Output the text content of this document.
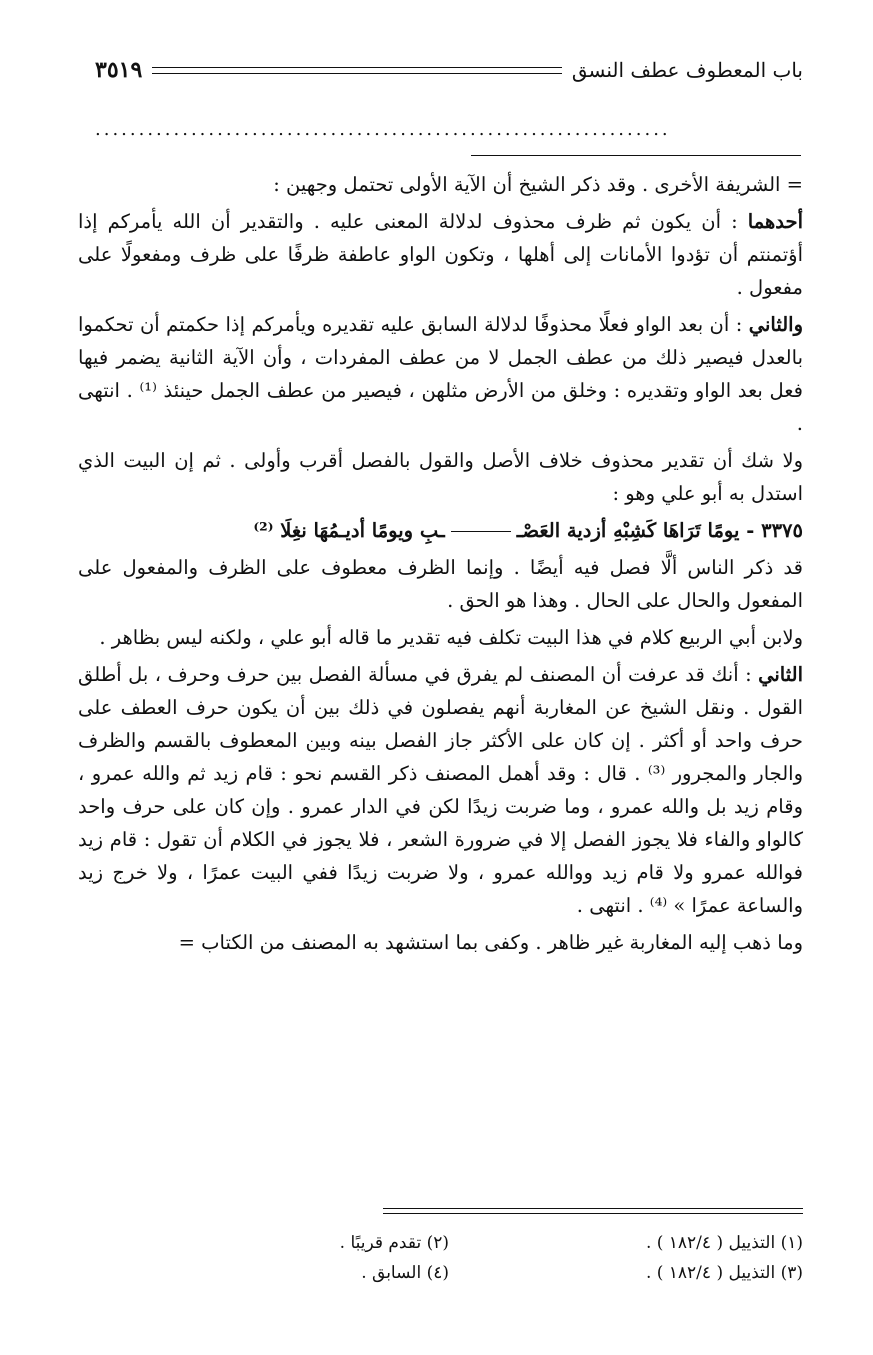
باب المعطوف عطف النسق
٣٥١٩
..................................................................

= الشريفة الأخرى . وقد ذكر الشيخ أن الآية الأولى تحتمل وجهين :

أحدهما : أن يكون ثم ظرف محذوف لدلالة المعنى عليه . والتقدير أن الله يأمركم إذا أؤتمنتم أن تؤدوا الأمانات إلى أهلها ، وتكون الواو عاطفة ظرفًا على ظرف ومفعولًا على مفعول .

والثاني : أن بعد الواو فعلًا محذوفًا لدلالة السابق عليه تقديره ويأمركم إذا حكمتم أن تحكموا بالعدل فيصير ذلك من عطف الجمل لا من عطف المفردات ، وأن الآية الثانية يضمر فيها فعل بعد الواو وتقديره : وخلق من الأرض مثلهن ، فيصير من عطف الجمل حينئذ ⁽¹⁾ . انتهى .

ولا شك أن تقدير محذوف خلاف الأصل والقول بالفصل أقرب وأولى . ثم إن البيت الذي استدل به أبو علي وهو :

٣٣٧٥ - يومًا تَرَاهَا كَشِبْهِ أزدية العَصْــبِ ويومًا أديـمُهَا نغِلَا ⁽²⁾

قد ذكر الناس ألَّا فصل فيه أيضًا . وإنما الظرف معطوف على الظرف والمفعول على المفعول والحال على الحال . وهذا هو الحق .

ولابن أبي الربيع كلام في هذا البيت تكلف فيه تقدير ما قاله أبو علي ، ولكنه ليس بظاهر .

الثاني : أنك قد عرفت أن المصنف لم يفرق في مسألة الفصل بين حرف وحرف ، بل أطلق القول . ونقل الشيخ عن المغاربة أنهم يفصلون في ذلك بين أن يكون حرف العطف على حرف واحد أو أكثر . إن كان على الأكثر جاز الفصل بينه وبين المعطوف بالقسم والظرف والجار والمجرور ⁽³⁾ . قال : وقد أهمل المصنف ذكر القسم نحو : قام زيد ثم والله عمرو ، وقام زيد بل والله عمرو ، وما ضربت زيدًا لكن في الدار عمرو . وإن كان على حرف واحد كالواو والفاء فلا يجوز الفصل إلا في ضرورة الشعر ، فلا يجوز في الكلام أن تقول : قام زيد فوالله عمرو ولا قام زيد ووالله عمرو ، ولا ضربت زيدًا ففي البيت عمرًا ، ولا خرج زيد والساعة عمرًا » ⁽⁴⁾ . انتهى .

وما ذهب إليه المغاربة غير ظاهر . وكفى بما استشهد به المصنف من الكتاب =

(١) التذييل ( ١٨٢/٤ ) .
(٢) تقدم قريبًا .
(٣) التذييل ( ١٨٢/٤ ) .
(٤) السابق .
